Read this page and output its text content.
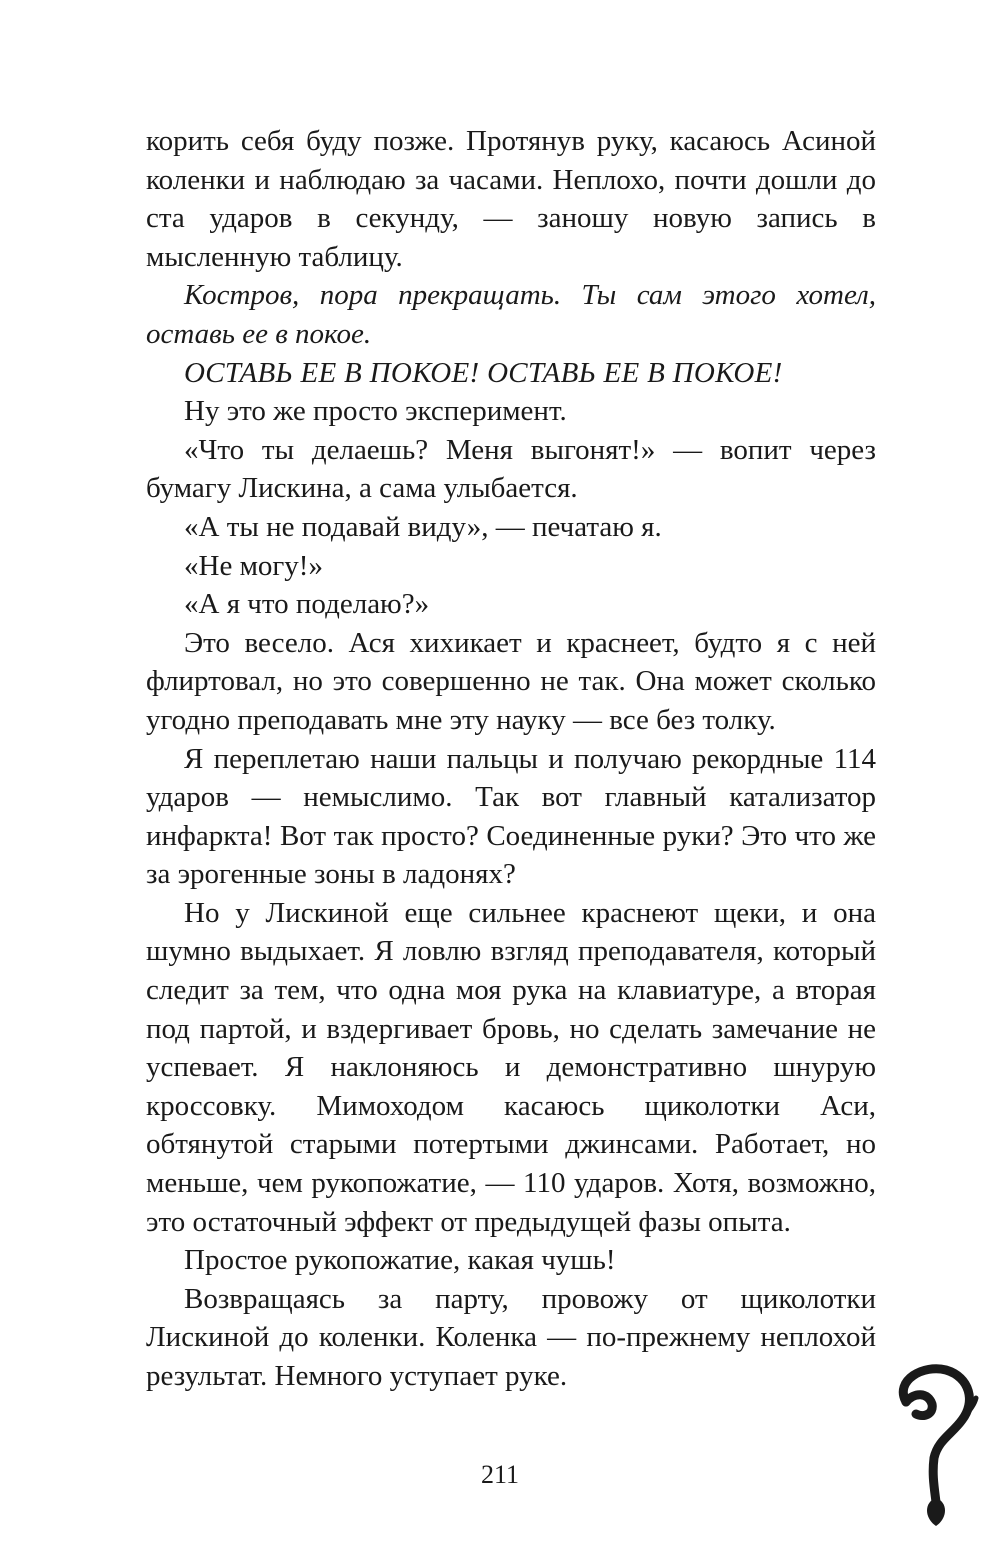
корить себя буду позже. Протянув руку, касаюсь Асиной коленки и наблюдаю за часами. Неплохо, почти дошли до ста ударов в секунду, — заношу новую запись в мысленную таблицу.

Костров, пора прекращать. Ты сам этого хотел, оставь ее в покое.

ОСТАВЬ ЕЕ В ПОКОЕ! ОСТАВЬ ЕЕ В ПОКОЕ!

Ну это же просто эксперимент.

«Что ты делаешь? Меня выгонят!» — вопит через бумагу Лискина, а сама улыбается.

«А ты не подавай виду», — печатаю я.

«Не могу!»

«А я что поделаю?»

Это весело. Ася хихикает и краснеет, будто я с ней флиртовал, но это совершенно не так. Она может сколько угодно преподавать мне эту науку — все без толку.

Я переплетаю наши пальцы и получаю рекордные 114 ударов — немыслимо. Так вот главный катализатор инфаркта! Вот так просто? Соединенные руки? Это что же за эрогенные зоны в ладонях?

Но у Лискиной еще сильнее краснеют щеки, и она шумно выдыхает. Я ловлю взгляд преподавателя, который следит за тем, что одна моя рука на клавиатуре, а вторая под партой, и вздергивает бровь, но сделать замечание не успевает. Я наклоняюсь и демонстративно шнурую кроссовку. Мимоходом касаюсь щиколотки Аси, обтянутой старыми потертыми джинсами. Работает, но меньше, чем рукопожатие, — 110 ударов. Хотя, возможно, это остаточный эффект от предыдущей фазы опыта.

Простое рукопожатие, какая чушь!

Возвращаясь за парту, провожу от щиколотки Лискиной до коленки. Коленка — по-прежнему неплохой результат. Немного уступает руке.

211
